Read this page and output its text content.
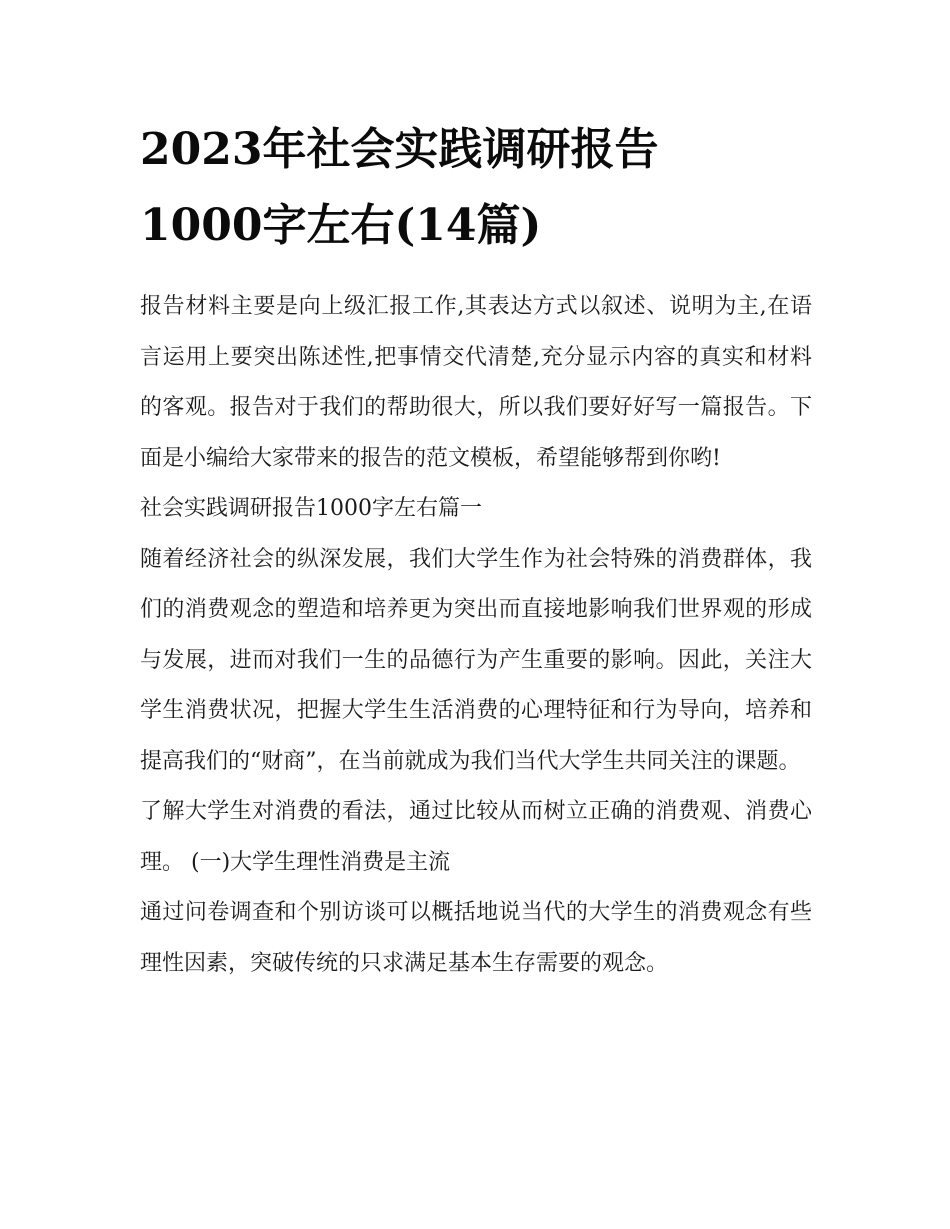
2023年社会实践调研报告
1000字左右(14篇)

报告材料主要是向上级汇报工作,其表达方式以叙述、说明为主,在语言运用上要突出陈述性,把事情交代清楚,充分显示内容的真实和材料的客观。报告对于我们的帮助很大，所以我们要好好写一篇报告。下面是小编给大家带来的报告的范文模板，希望能够帮到你哟!

社会实践调研报告1000字左右篇一

随着经济社会的纵深发展，我们大学生作为社会特殊的消费群体，我们的消费观念的塑造和培养更为突出而直接地影响我们世界观的形成与发展，进而对我们一生的品德行为产生重要的影响。因此，关注大学生消费状况，把握大学生生活消费的心理特征和行为导向，培养和提高我们的“财商”，在当前就成为我们当代大学生共同关注的课题。

了解大学生对消费的看法，通过比较从而树立正确的消费观、消费心理。 (一)大学生理性消费是主流

通过问卷调查和个别访谈可以概括地说当代的大学生的消费观念有些理性因素，突破传统的只求满足基本生存需要的观念。
